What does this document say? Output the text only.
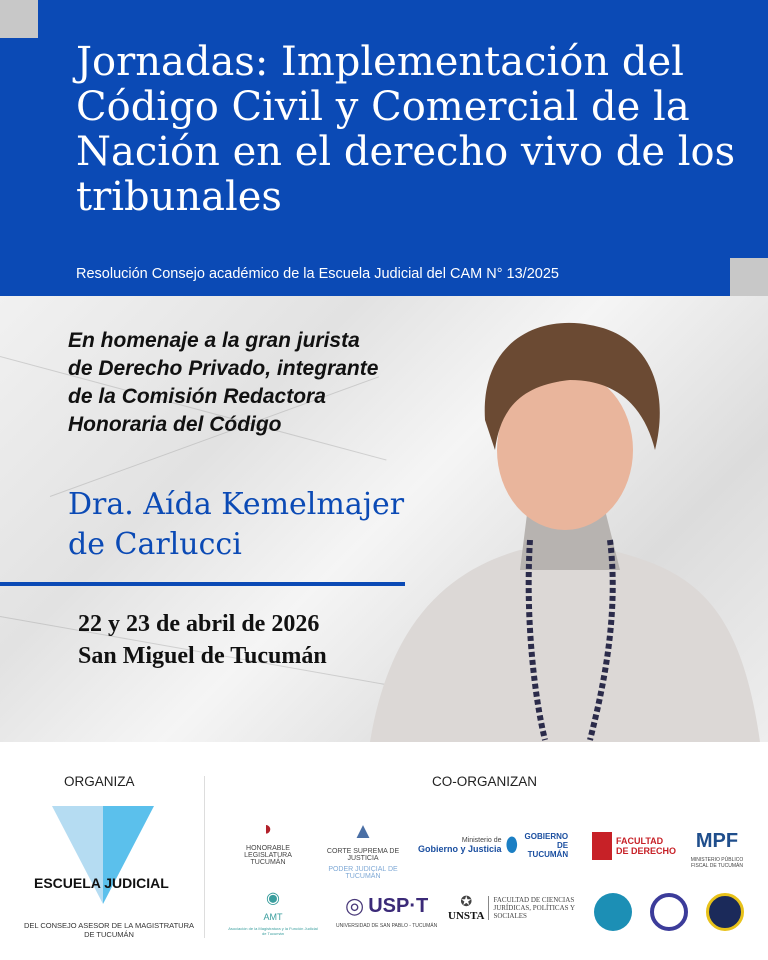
Jornadas: Implementación del Código Civil y Comercial de la Nación en el derecho vivo de los tribunales
Resolución Consejo académico de la Escuela Judicial del CAM N° 13/2025
En homenaje a la gran jurista
de Derecho Privado, integrante
de la Comisión Redactora
Honoraria del Código
Dra. Aída Kemelmajer
de Carlucci
22 y 23 de abril de 2026
San Miguel de Tucumán
ORGANIZA	CO-ORGANIZAN
ESCUELA JUDICIAL
DEL CONSEJO ASESOR DE LA MAGISTRATURA
DE TUCUMÁN
◗
HONORABLE LEGISLATURA TUCUMÁN
▲
CORTE SUPREMA DE JUSTICIA
PODER JUDICIAL DE TUCUMÁN
Ministerio de
Gobierno y Justicia ⬮ GOBIERNO DE TUCUMÁN
FACULTAD
DE DERECHO MPF
MINISTERIO PÚBLICO FISCAL DE TUCUMÁN
◉
AMT
Asociación de la Magistratura y la Función Judicial de Tucumán
◎ USP·T
UNIVERSIDAD DE SAN PABLO - TUCUMÁN
✪
UNSTA
FACULTAD DE CIENCIAS JURÍDICAS, POLÍTICAS Y SOCIALES
